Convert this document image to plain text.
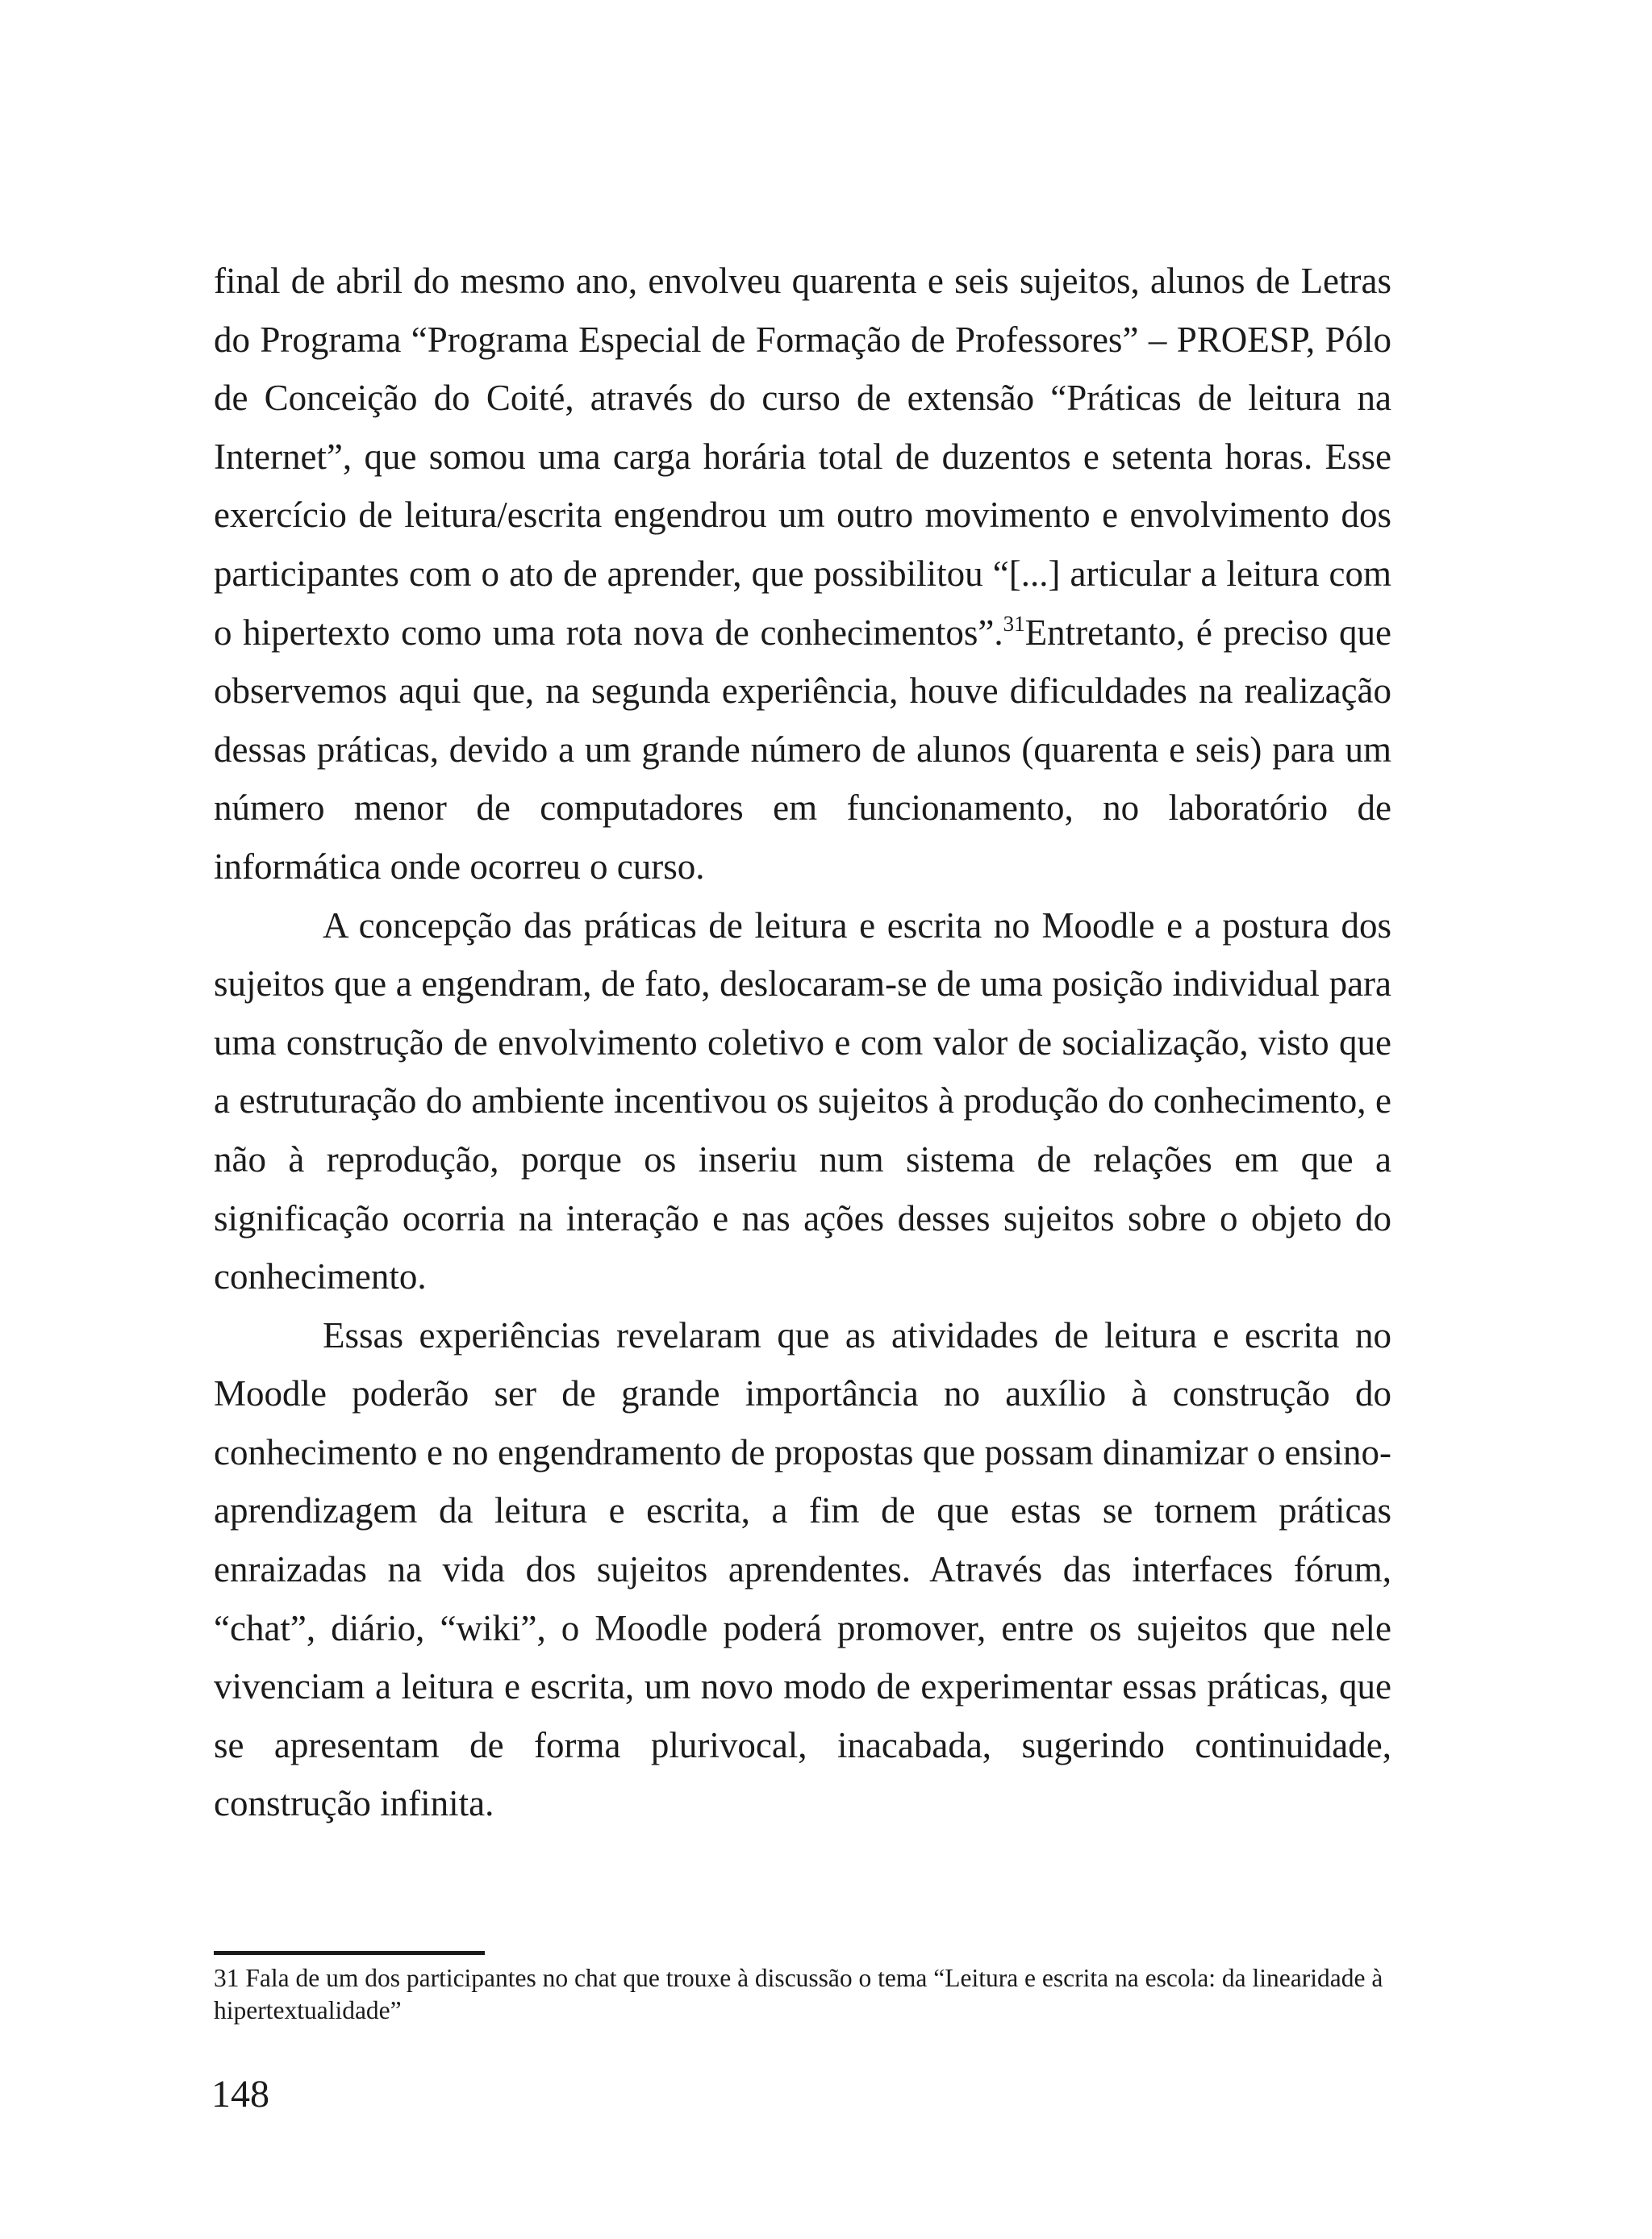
final de abril do mesmo ano, envolveu quarenta e seis sujeitos, alunos de Letras do Programa “Programa Especial de Formação de Professores” – PROESP, Pólo de Conceição do Coité, através do curso de extensão “Práticas de leitura na Internet”, que somou uma carga horária total de duzentos e setenta horas. Esse exercício de leitura/escrita engendrou um outro movimento e envolvimento dos participantes com o ato de aprender, que possibilitou “[...] articular a leitura com o hipertexto como uma rota nova de conhecimentos”.$^{31}$Entretanto, é preciso que observemos aqui que, na segunda experiência, houve dificuldades na realização dessas práticas, devido a um grande número de alunos (quarenta e seis) para um número menor de computadores em funcionamento, no laboratório de informática onde ocorreu o curso.

A concepção das práticas de leitura e escrita no Moodle e a postura dos sujeitos que a engendram, de fato, deslocaram-se de uma posição individual para uma construção de envolvimento coletivo e com valor de socialização, visto que a estruturação do ambiente incentivou os sujeitos à produção do conhecimento, e não à reprodução, porque os inseriu num sistema de relações em que a significação ocorria na interação e nas ações desses sujeitos sobre o objeto do conhecimento.

Essas experiências revelaram que as atividades de leitura e escrita no Moodle poderão ser de grande importância no auxílio à construção do conhecimento e no engendramento de propostas que possam dinamizar o ensino-aprendizagem da leitura e escrita, a fim de que estas se tornem práticas enraizadas na vida dos sujeitos aprendentes. Através das interfaces fórum, “chat”, diário, “wiki”, o Moodle poderá promover, entre os sujeitos que nele vivenciam a leitura e escrita, um novo modo de experimentar essas práticas, que se apresentam de forma plurivocal, inacabada, sugerindo continuidade, construção infinita.

31 Fala de um dos participantes no chat que trouxe à discussão o tema “Leitura e escrita na escola: da linearidade à hipertextualidade”

148
